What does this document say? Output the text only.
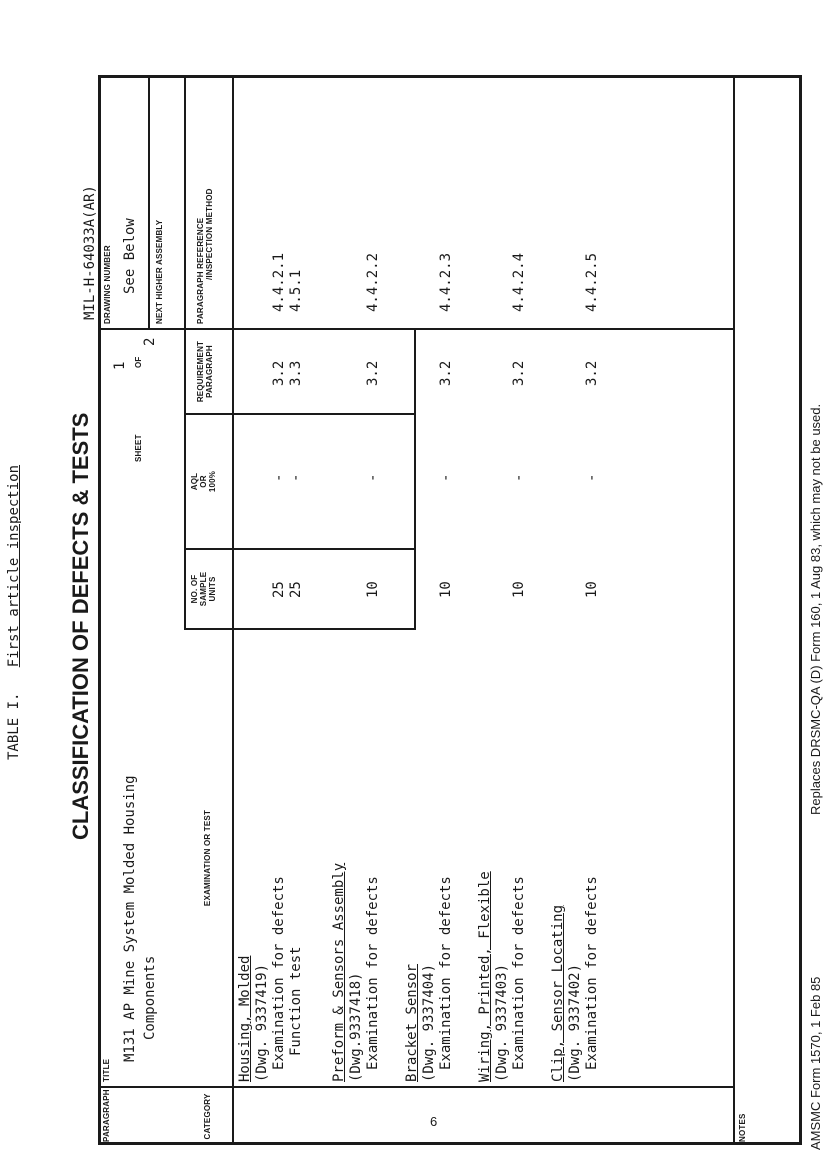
TABLE I.   First article inspection CLASSIFICATION OF DEFECTS & TESTS
MIL-H-64033A(AR)
PARAGRAPH
TITLE
M131 AP Mine System Molded Housing Components
SHEET
1 OF
2
DRAWING NUMBER See Below NEXT HIGHER ASSEMBLY
CATEGORY
EXAMINATION OR TEST
NO. OF SAMPLE UNITS
AQL OR 100%
REQUIREMENT PARAGRAPH
PARAGRAPH REFERENCE /INSPECTION METHOD
Housing, Molded (Dwg. 9337419) Examination for defects
25
-
3.2
4.4.2.1
Function test
25
-
3.3
4.5.1
Preform & Sensors Assembly (Dwg.9337418) Examination for defects
10
-
3.2
4.4.2.2
Bracket Sensor (Dwg. 9337404) Examination for defects
10
-
3.2
4.4.2.3
Wiring, Printed, Flexible (Dwg. 9337403) Examination for defects
10
-
3.2
4.4.2.4
Clip, Sensor Locating (Dwg. 9337402) Examination for defects
10
-
3.2
4.4.2.5
NOTES	AMSMC Form 1570, 1 Feb 85
Replaces DRSMC-QA (D) Form 160, 1 Aug 83, which may not be used.
6
